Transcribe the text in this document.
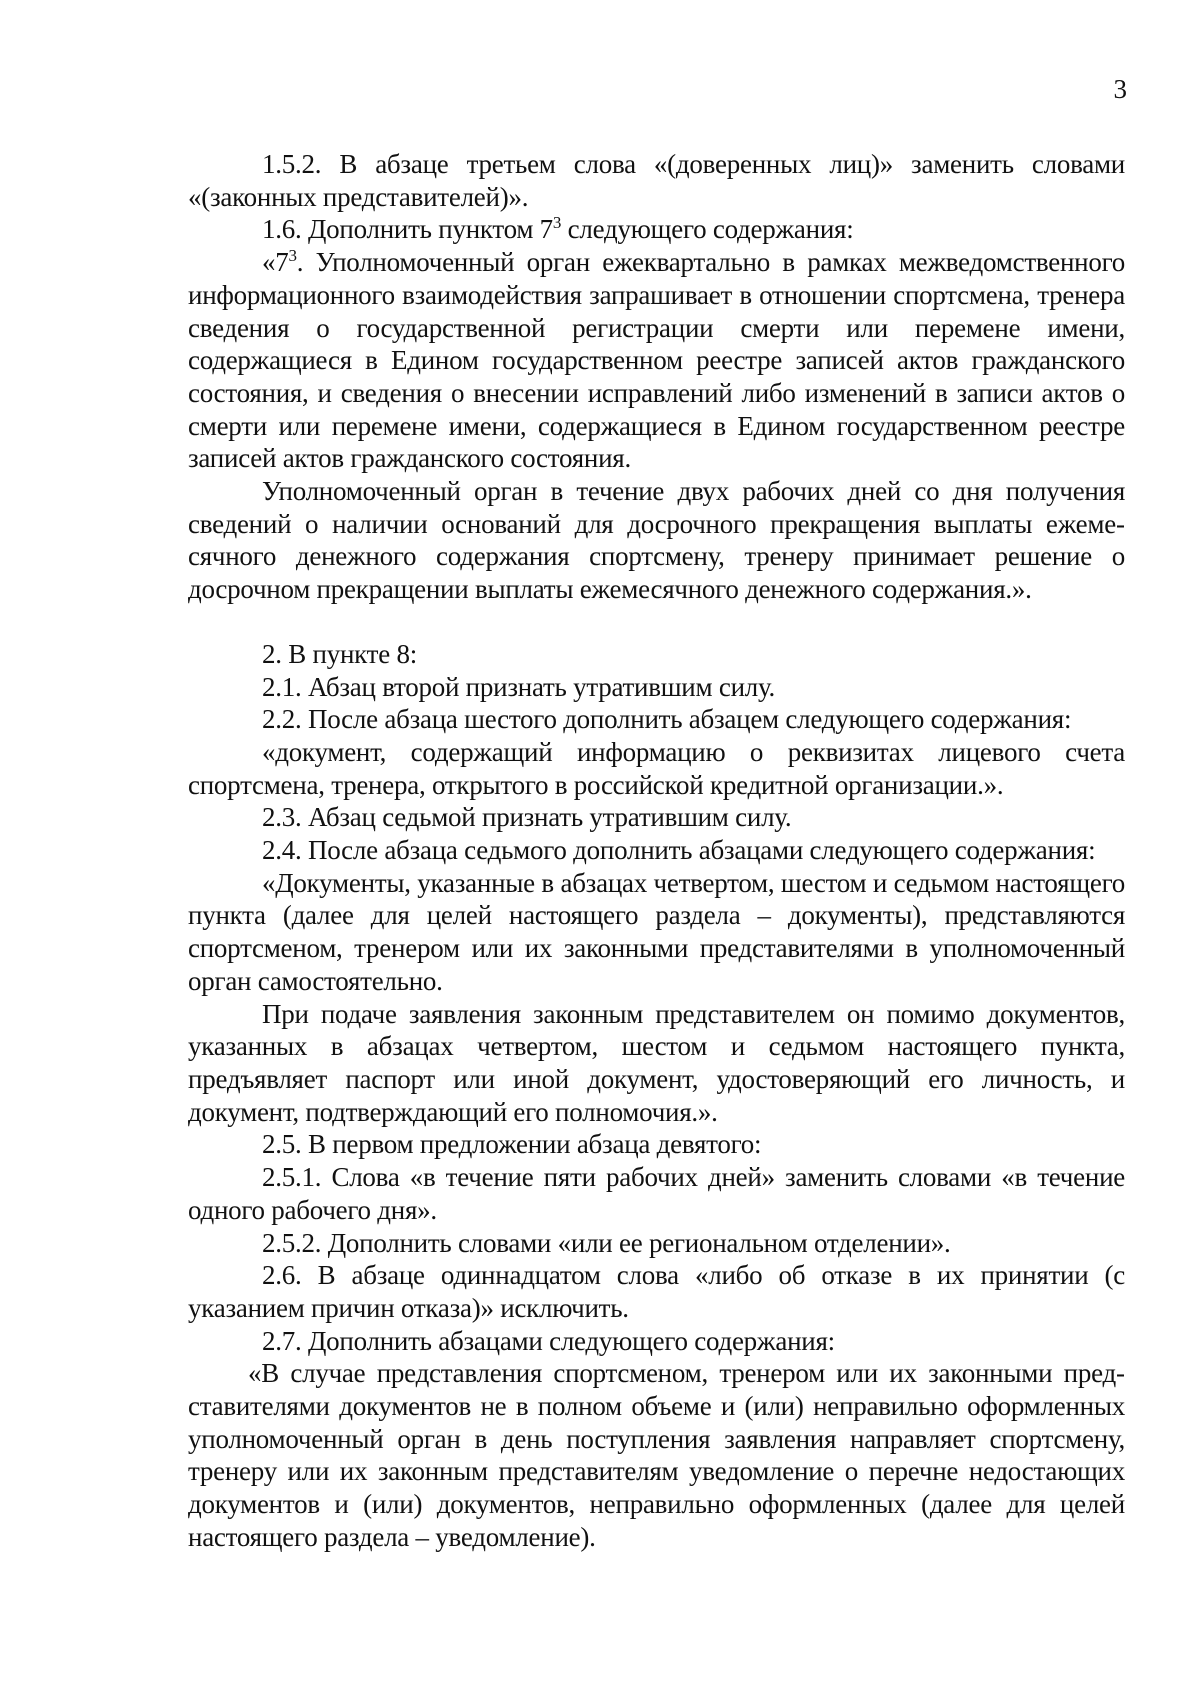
3

1.5.2. В абзаце третьем слова «(доверенных лиц)» заменить словами «(законных представителей)».

1.6. Дополнить пунктом $7^3$ следующего содержания:

«$7^3$. Уполномоченный орган ежеквартально в рамках межведомственного информационного взаимодействия запрашивает в отношении спортсмена, тренера сведения о государственной регистрации смерти или перемене имени, содержащиеся в Едином государственном реестре записей актов гражданского состояния, и сведения о внесении исправлений либо изменений в записи актов о смерти или перемене имени, содержащиеся в Едином государственном реестре записей актов гражданского состояния.

Уполномоченный орган в течение двух рабочих дней со дня получения сведений о наличии оснований для досрочного прекращения выплаты ежемесячного денежного содержания спортсмену, тренеру принимает решение о досрочном прекращении выплаты ежемесячного денежного содержания.».

2. В пункте 8:

2.1. Абзац второй признать утратившим силу.

2.2. После абзаца шестого дополнить абзацем следующего содержания:

«документ, содержащий информацию о реквизитах лицевого счета спортсмена, тренера, открытого в российской кредитной организации.».

2.3. Абзац седьмой признать утратившим силу.

2.4. После абзаца седьмого дополнить абзацами следующего содержания:

«Документы, указанные в абзацах четвертом, шестом и седьмом настоящего пункта (далее для целей настоящего раздела – документы), представляются спортсменом, тренером или их законными представителями в уполномоченный орган самостоятельно.

При подаче заявления законным представителем он помимо документов, указанных в абзацах четвертом, шестом и седьмом настоящего пункта, предъявляет паспорт или иной документ, удостоверяющий его личность, и документ, подтверждающий его полномочия.».

2.5. В первом предложении абзаца девятого:

2.5.1. Слова «в течение пяти рабочих дней» заменить словами «в течение одного рабочего дня».

2.5.2. Дополнить словами «или ее региональном отделении».

2.6. В абзаце одиннадцатом слова «либо об отказе в их принятии (с указанием причин отказа)» исключить.

2.7. Дополнить абзацами следующего содержания:

«В случае представления спортсменом, тренером или их законными представителями документов не в полном объеме и (или) неправильно оформленных уполномоченный орган в день поступления заявления направляет спортсмену, тренеру или их законным представителям уведомление о перечне недостающих документов и (или) документов, неправильно оформленных (далее для целей настоящего раздела – уведомление).
